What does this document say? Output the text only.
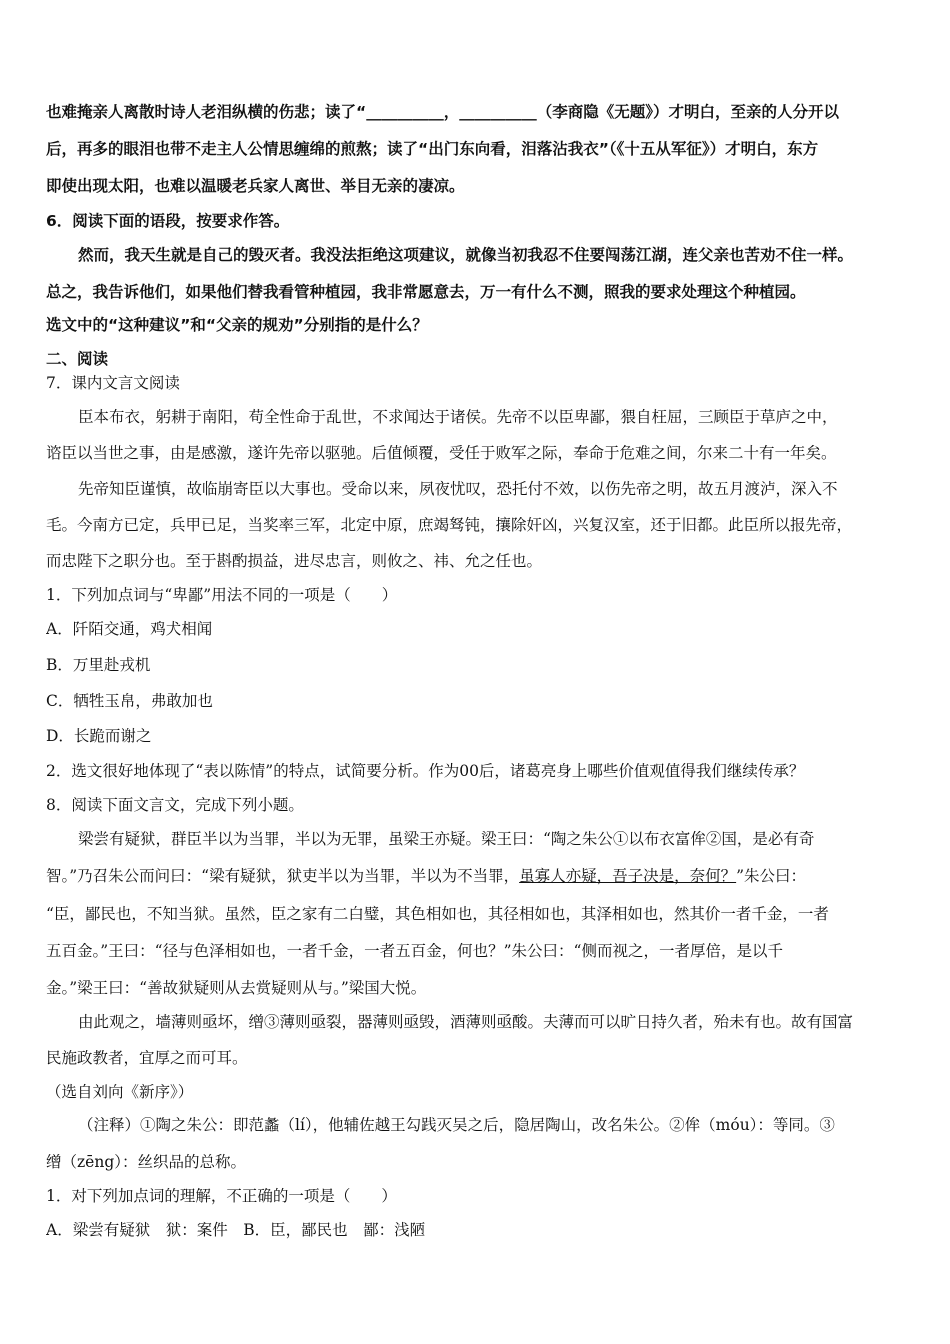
也难掩亲人离散时诗人老泪纵横的伤悲；读了“__________，__________（李商隐《无题》）才明白，至亲的人分开以
后，再多的眼泪也带不走主人公情思缠绵的煎熬；读了“出门东向看，泪落沾我衣”（《十五从军征》）才明白，东方
即使出现太阳，也难以温暖老兵家人离世、举目无亲的凄凉。
6．阅读下面的语段，按要求作答。
然而，我天生就是自己的毁灭者。我没法拒绝这项建议，就像当初我忍不住要闯荡江湖，连父亲也苦劝不住一样。
总之，我告诉他们，如果他们替我看管种植园，我非常愿意去，万一有什么不测，照我的要求处理这个种植园。
选文中的“这种建议”和“父亲的规劝”分别指的是什么？
二、阅读
7．课内文言文阅读
臣本布衣，躬耕于南阳，苟全性命于乱世，不求闻达于诸侯。先帝不以臣卑鄙，猥自枉屈，三顾臣于草庐之中，
谘臣以当世之事，由是感激，遂许先帝以驱驰。后值倾覆，受任于败军之际，奉命于危难之间，尔来二十有一年矣。
先帝知臣谨慎，故临崩寄臣以大事也。受命以来，夙夜忧叹，恐托付不效，以伤先帝之明，故五月渡泸，深入不
毛。今南方已定，兵甲已足，当奖率三军，北定中原，庶竭驽钝，攘除奸凶，兴复汉室，还于旧都。此臣所以报先帝，
而忠陛下之职分也。至于斟酌损益，进尽忠言，则攸之、祎、允之任也。
1．下列加点词与“卑鄙”用法不同的一项是（　　）
A．阡陌交通，鸡犬相闻
B．万里赴戎机
C．牺牲玉帛，弗敢加也
D．长跪而谢之
2．选文很好地体现了“表以陈情”的特点，试简要分析。作为00后，诸葛亮身上哪些价值观值得我们继续传承？
8．阅读下面文言文，完成下列小题。
梁尝有疑狱，群臣半以为当罪，半以为无罪，虽梁王亦疑。梁王曰：“陶之朱公①以布衣富侔②国，是必有奇
智。”乃召朱公而问曰：“梁有疑狱，狱吏半以为当罪，半以为不当罪，虽寡人亦疑，吾子决是，奈何？”朱公曰：
“臣，鄙民也，不知当狱。虽然，臣之家有二白璧，其色相如也，其径相如也，其泽相如也，然其价一者千金，一者
五百金。”王曰：“径与色泽相如也，一者千金，一者五百金，何也？”朱公曰：“侧而视之，一者厚倍，是以千
金。”梁王曰：“善故狱疑则从去赏疑则从与。”梁国大悦。
由此观之，墙薄则亟坏，缯③薄则亟裂，器薄则亟毁，酒薄则亟酸。夫薄而可以旷日持久者，殆未有也。故有国富
民施政教者，宜厚之而可耳。
（选自刘向《新序》）
（注释）①陶之朱公：即范蠡（lí），他辅佐越王勾践灭吴之后，隐居陶山，改名朱公。②侔（móu）：等同。③
缯（zēng）：丝织品的总称。
1．对下列加点词的理解，不正确的一项是（　　）
A．梁尝有疑狱　狱：案件　B．臣，鄙民也　鄙：浅陋
